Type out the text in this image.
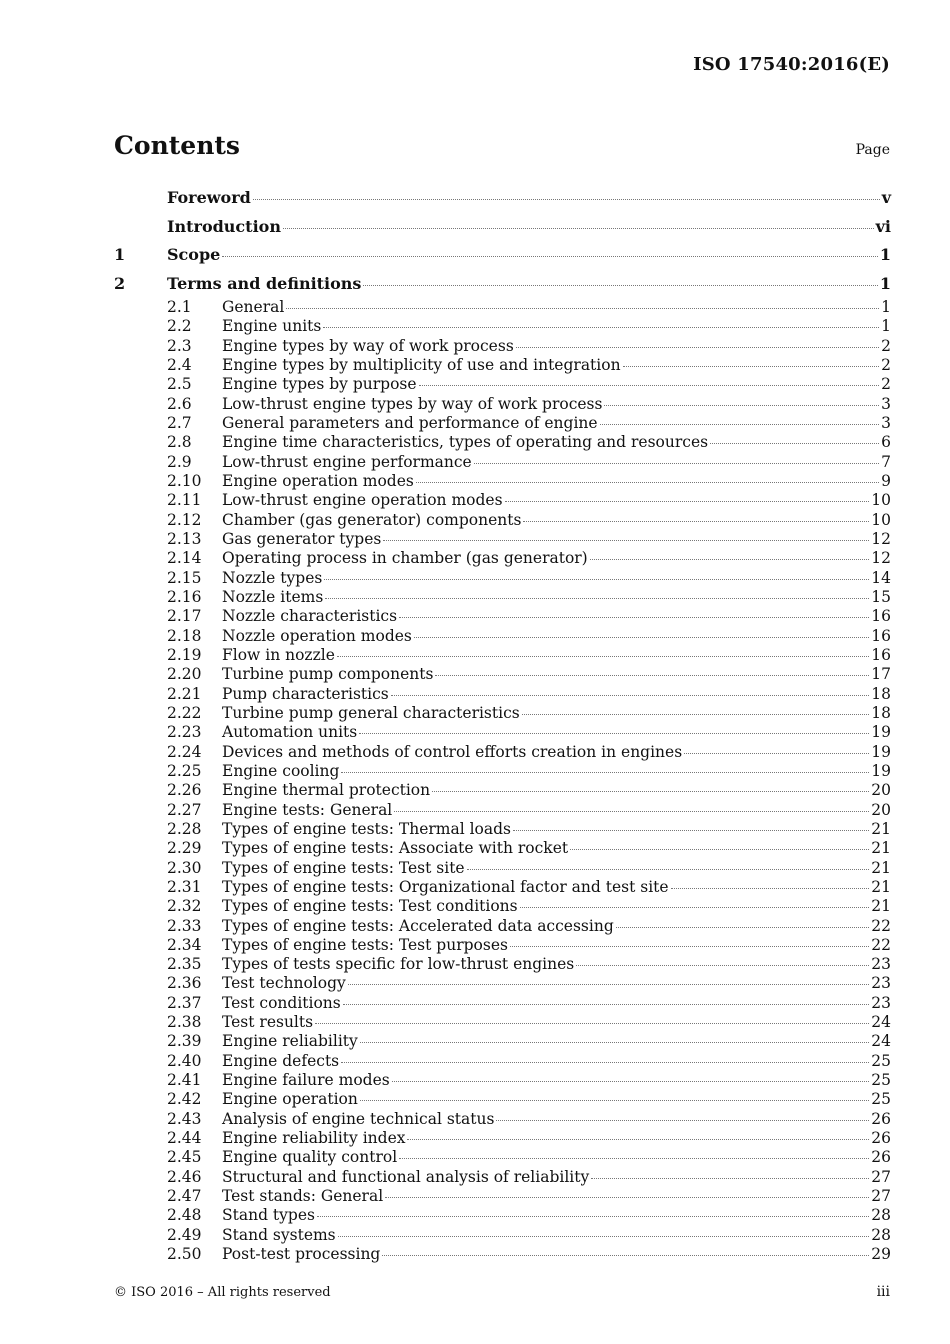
ISO 17540:2016(E)
Contents	Page
Foreword	v
Introduction	vi
1	Scope	1
2	Terms and definitions	1
2.1	General	1
2.2	Engine units	1
2.3	Engine types by way of work process	2
2.4	Engine types by multiplicity of use and integration	2
2.5	Engine types by purpose	2
2.6	Low-thrust engine types by way of work process	3
2.7	General parameters and performance of engine	3
2.8	Engine time characteristics, types of operating and resources	6
2.9	Low-thrust engine performance	7
2.10	Engine operation modes	9
2.11	Low-thrust engine operation modes	10
2.12	Chamber (gas generator) components	10
2.13	Gas generator types	12
2.14	Operating process in chamber (gas generator)	12
2.15	Nozzle types	14
2.16	Nozzle items	15
2.17	Nozzle characteristics	16
2.18	Nozzle operation modes	16
2.19	Flow in nozzle	16
2.20	Turbine pump components	17
2.21	Pump characteristics	18
2.22	Turbine pump general characteristics	18
2.23	Automation units	19
2.24	Devices and methods of control efforts creation in engines	19
2.25	Engine cooling	19
2.26	Engine thermal protection	20
2.27	Engine tests: General	20
2.28	Types of engine tests: Thermal loads	21
2.29	Types of engine tests: Associate with rocket	21
2.30	Types of engine tests: Test site	21
2.31	Types of engine tests: Organizational factor and test site	21
2.32	Types of engine tests: Test conditions	21
2.33	Types of engine tests: Accelerated data accessing	22
2.34	Types of engine tests: Test purposes	22
2.35	Types of tests specific for low-thrust engines	23
2.36	Test technology	23
2.37	Test conditions	23
2.38	Test results	24
2.39	Engine reliability	24
2.40	Engine defects	25
2.41	Engine failure modes	25
2.42	Engine operation	25
2.43	Analysis of engine technical status	26
2.44	Engine reliability index	26
2.45	Engine quality control	26
2.46	Structural and functional analysis of reliability	27
2.47	Test stands: General	27
2.48	Stand types	28
2.49	Stand systems	28
2.50	Post-test processing	29
© ISO 2016 – All rights reserved	iii
